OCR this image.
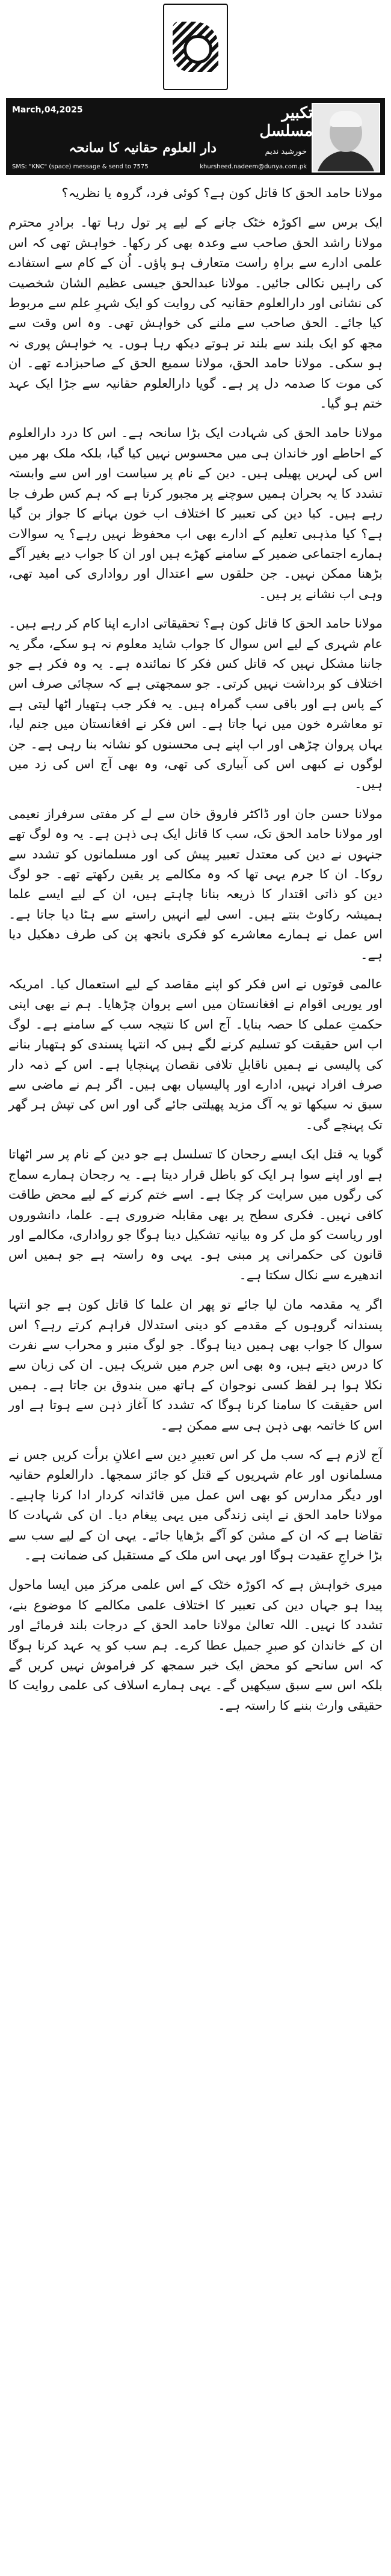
تکبیر
مسلسل
خورشید ندیم
دار العلوم حقانیہ کا سانحہ
March,04,2025
SMS: "KNC" (space) message & send to 7575	khursheed.nadeem@dunya.com.pk

مولانا حامد الحق کا قاتل کون ہے؟ کوئی فرد، گروہ یا نظریہ؟

ایک برس سے اکوڑہ خٹک جانے کے لیے پر تول رہا تھا۔ برادرِ محترم مولانا راشد الحق صاحب سے وعدہ بھی کر رکھا۔ خواہش تھی کہ اس علمی ادارے سے براہِ راست متعارف ہو پاؤں۔ اُن کے کام سے استفادے کی راہیں نکالی جائیں۔ مولانا عبدالحق جیسی عظیم الشان شخصیت کی نشانی اور دارالعلوم حقانیہ کی روایت کو ایک شہرِ علم سے مربوط کیا جائے۔ الحق صاحب سے ملنے کی خواہش تھی۔ وہ اس وقت سے مجھ کو ایک بلند سے بلند تر ہوتے دیکھ رہا ہوں۔ یہ خواہش پوری نہ ہو سکی۔ مولانا حامد الحق، مولانا سمیع الحق کے صاحبزادے تھے۔ ان کی موت کا صدمہ دل پر ہے۔ گویا دارالعلوم حقانیہ سے جڑا ایک عہد ختم ہو گیا۔

مولانا حامد الحق کی شہادت ایک بڑا سانحہ ہے۔ اس کا درد دارالعلوم کے احاطے اور خاندان ہی میں محسوس نہیں کیا گیا، بلکہ ملک بھر میں اس کی لہریں پھیلی ہیں۔ دین کے نام پر سیاست اور اس سے وابستہ تشدد کا یہ بحران ہمیں سوچنے پر مجبور کرتا ہے کہ ہم کس طرف جا رہے ہیں۔ کیا دین کی تعبیر کا اختلاف اب خون بہانے کا جواز بن گیا ہے؟ کیا مذہبی تعلیم کے ادارے بھی اب محفوظ نہیں رہے؟ یہ سوالات ہمارے اجتماعی ضمیر کے سامنے کھڑے ہیں اور ان کا جواب دیے بغیر آگے بڑھنا ممکن نہیں۔ جن حلقوں سے اعتدال اور رواداری کی امید تھی، وہی اب نشانے پر ہیں۔

مولانا حامد الحق کا قاتل کون ہے؟ تحقیقاتی ادارے اپنا کام کر رہے ہیں۔ عام شہری کے لیے اس سوال کا جواب شاید معلوم نہ ہو سکے، مگر یہ جاننا مشکل نہیں کہ قاتل کس فکر کا نمائندہ ہے۔ یہ وہ فکر ہے جو اختلاف کو برداشت نہیں کرتی۔ جو سمجھتی ہے کہ سچائی صرف اس کے پاس ہے اور باقی سب گمراہ ہیں۔ یہ فکر جب ہتھیار اٹھا لیتی ہے تو معاشرہ خون میں نہا جاتا ہے۔ اس فکر نے افغانستان میں جنم لیا، یہاں پروان چڑھی اور اب اپنے ہی محسنوں کو نشانہ بنا رہی ہے۔ جن لوگوں نے کبھی اس کی آبیاری کی تھی، وہ بھی آج اس کی زد میں ہیں۔

مولانا حسن جان اور ڈاکٹر فاروق خان سے لے کر مفتی سرفراز نعیمی اور مولانا حامد الحق تک، سب کا قاتل ایک ہی ذہن ہے۔ یہ وہ لوگ تھے جنہوں نے دین کی معتدل تعبیر پیش کی اور مسلمانوں کو تشدد سے روکا۔ ان کا جرم یہی تھا کہ وہ مکالمے پر یقین رکھتے تھے۔ جو لوگ دین کو ذاتی اقتدار کا ذریعہ بنانا چاہتے ہیں، ان کے لیے ایسے علما ہمیشہ رکاوٹ بنتے ہیں۔ اسی لیے انہیں راستے سے ہٹا دیا جاتا ہے۔ اس عمل نے ہمارے معاشرے کو فکری بانجھ پن کی طرف دھکیل دیا ہے۔

عالمی قوتوں نے اس فکر کو اپنے مقاصد کے لیے استعمال کیا۔ امریکہ اور یورپی اقوام نے افغانستان میں اسے پروان چڑھایا۔ ہم نے بھی اپنی حکمتِ عملی کا حصہ بنایا۔ آج اس کا نتیجہ سب کے سامنے ہے۔ لوگ اب اس حقیقت کو تسلیم کرنے لگے ہیں کہ انتہا پسندی کو ہتھیار بنانے کی پالیسی نے ہمیں ناقابلِ تلافی نقصان پہنچایا ہے۔ اس کے ذمہ دار صرف افراد نہیں، ادارے اور پالیسیاں بھی ہیں۔ اگر ہم نے ماضی سے سبق نہ سیکھا تو یہ آگ مزید پھیلتی جائے گی اور اس کی تپش ہر گھر تک پہنچے گی۔

گویا یہ قتل ایک ایسے رجحان کا تسلسل ہے جو دین کے نام پر سر اٹھاتا ہے اور اپنے سوا ہر ایک کو باطل قرار دیتا ہے۔ یہ رجحان ہمارے سماج کی رگوں میں سرایت کر چکا ہے۔ اسے ختم کرنے کے لیے محض طاقت کافی نہیں۔ فکری سطح پر بھی مقابلہ ضروری ہے۔ علما، دانشوروں اور ریاست کو مل کر وہ بیانیہ تشکیل دینا ہوگا جو رواداری، مکالمے اور قانون کی حکمرانی پر مبنی ہو۔ یہی وہ راستہ ہے جو ہمیں اس اندھیرے سے نکال سکتا ہے۔

اگر یہ مقدمہ مان لیا جائے تو پھر ان علما کا قاتل کون ہے جو انتہا پسندانہ گروہوں کے مقدمے کو دینی استدلال فراہم کرتے رہے؟ اس سوال کا جواب بھی ہمیں دینا ہوگا۔ جو لوگ منبر و محراب سے نفرت کا درس دیتے ہیں، وہ بھی اس جرم میں شریک ہیں۔ ان کی زبان سے نکلا ہوا ہر لفظ کسی نوجوان کے ہاتھ میں بندوق بن جاتا ہے۔ ہمیں اس حقیقت کا سامنا کرنا ہوگا کہ تشدد کا آغاز ذہن سے ہوتا ہے اور اس کا خاتمہ بھی ذہن ہی سے ممکن ہے۔

آج لازم ہے کہ سب مل کر اس تعبیرِ دین سے اعلانِ برأت کریں جس نے مسلمانوں اور عام شہریوں کے قتل کو جائز سمجھا۔ دارالعلوم حقانیہ اور دیگر مدارس کو بھی اس عمل میں قائدانہ کردار ادا کرنا چاہیے۔ مولانا حامد الحق نے اپنی زندگی میں یہی پیغام دیا۔ ان کی شہادت کا تقاضا ہے کہ ان کے مشن کو آگے بڑھایا جائے۔ یہی ان کے لیے سب سے بڑا خراجِ عقیدت ہوگا اور یہی اس ملک کے مستقبل کی ضمانت ہے۔

میری خواہش ہے کہ اکوڑہ خٹک کے اس علمی مرکز میں ایسا ماحول پیدا ہو جہاں دین کی تعبیر کا اختلاف علمی مکالمے کا موضوع بنے، تشدد کا نہیں۔ اللہ تعالیٰ مولانا حامد الحق کے درجات بلند فرمائے اور ان کے خاندان کو صبرِ جمیل عطا کرے۔ ہم سب کو یہ عہد کرنا ہوگا کہ اس سانحے کو محض ایک خبر سمجھ کر فراموش نہیں کریں گے بلکہ اس سے سبق سیکھیں گے۔ یہی ہمارے اسلاف کی علمی روایت کا حقیقی وارث بننے کا راستہ ہے۔
